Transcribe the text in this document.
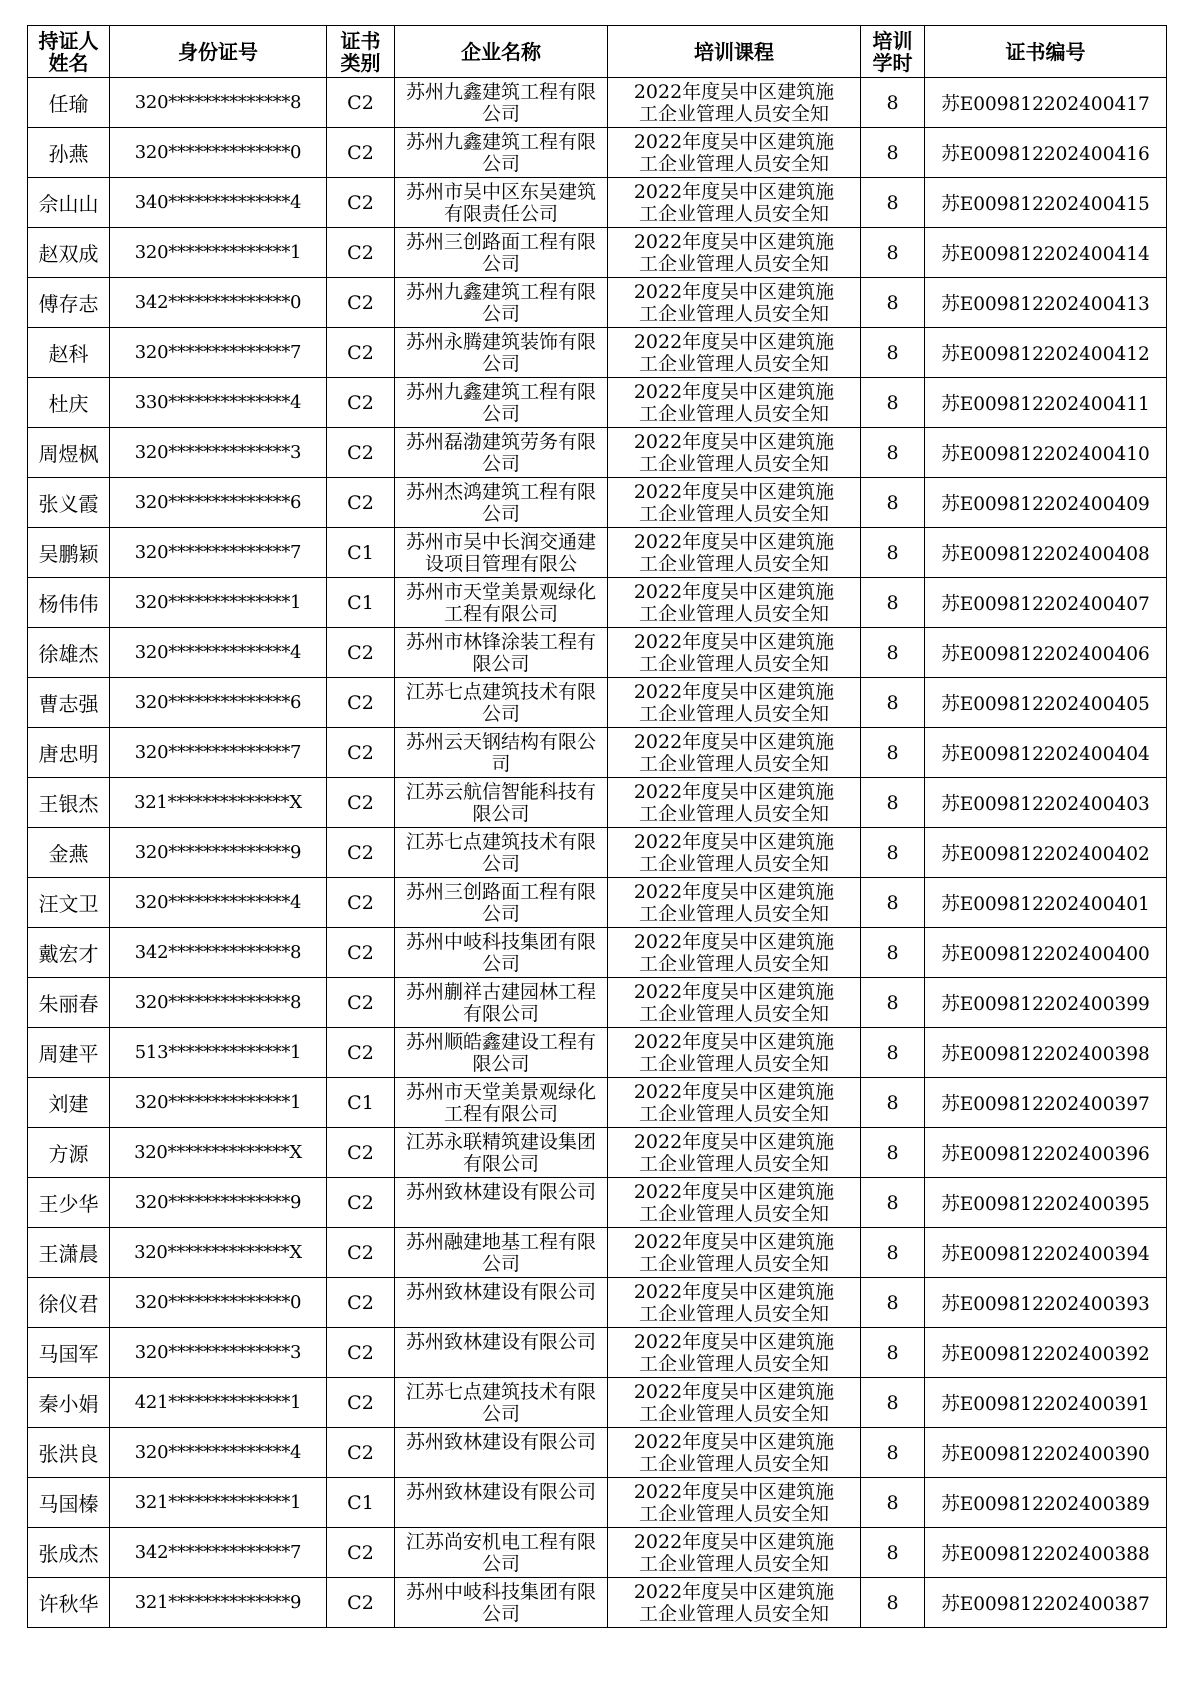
持证人姓名	身份证号	证书类别	企业名称	培训课程	培训学时	证书编号
任瑜	320**************8	C2	苏州九鑫建筑工程有限公司	2022年度吴中区建筑施工企业管理人员安全知	8	苏E009812202400417
孙燕	320**************0	C2	苏州九鑫建筑工程有限公司	2022年度吴中区建筑施工企业管理人员安全知	8	苏E009812202400416
佘山山	340**************4	C2	苏州市吴中区东吴建筑有限责任公司	2022年度吴中区建筑施工企业管理人员安全知	8	苏E009812202400415
赵双成	320**************1	C2	苏州三创路面工程有限公司	2022年度吴中区建筑施工企业管理人员安全知	8	苏E009812202400414
傅存志	342**************0	C2	苏州九鑫建筑工程有限公司	2022年度吴中区建筑施工企业管理人员安全知	8	苏E009812202400413
赵科	320**************7	C2	苏州永腾建筑装饰有限公司	2022年度吴中区建筑施工企业管理人员安全知	8	苏E009812202400412
杜庆	330**************4	C2	苏州九鑫建筑工程有限公司	2022年度吴中区建筑施工企业管理人员安全知	8	苏E009812202400411
周煜枫	320**************3	C2	苏州磊渤建筑劳务有限公司	2022年度吴中区建筑施工企业管理人员安全知	8	苏E009812202400410
张义霞	320**************6	C2	苏州杰鸿建筑工程有限公司	2022年度吴中区建筑施工企业管理人员安全知	8	苏E009812202400409
吴鹏颖	320**************7	C1	苏州市吴中长润交通建设项目管理有限公	2022年度吴中区建筑施工企业管理人员安全知	8	苏E009812202400408
杨伟伟	320**************1	C1	苏州市天堂美景观绿化工程有限公司	2022年度吴中区建筑施工企业管理人员安全知	8	苏E009812202400407
徐雄杰	320**************4	C2	苏州市林锋涂装工程有限公司	2022年度吴中区建筑施工企业管理人员安全知	8	苏E009812202400406
曹志强	320**************6	C2	江苏七点建筑技术有限公司	2022年度吴中区建筑施工企业管理人员安全知	8	苏E009812202400405
唐忠明	320**************7	C2	苏州云天钢结构有限公司	2022年度吴中区建筑施工企业管理人员安全知	8	苏E009812202400404
王银杰	321**************X	C2	江苏云航信智能科技有限公司	2022年度吴中区建筑施工企业管理人员安全知	8	苏E009812202400403
金燕	320**************9	C2	江苏七点建筑技术有限公司	2022年度吴中区建筑施工企业管理人员安全知	8	苏E009812202400402
汪文卫	320**************4	C2	苏州三创路面工程有限公司	2022年度吴中区建筑施工企业管理人员安全知	8	苏E009812202400401
戴宏才	342**************8	C2	苏州中岐科技集团有限公司	2022年度吴中区建筑施工企业管理人员安全知	8	苏E009812202400400
朱丽春	320**************8	C2	苏州蒯祥古建园林工程有限公司	2022年度吴中区建筑施工企业管理人员安全知	8	苏E009812202400399
周建平	513**************1	C2	苏州顺皓鑫建设工程有限公司	2022年度吴中区建筑施工企业管理人员安全知	8	苏E009812202400398
刘建	320**************1	C1	苏州市天堂美景观绿化工程有限公司	2022年度吴中区建筑施工企业管理人员安全知	8	苏E009812202400397
方源	320**************X	C2	江苏永联精筑建设集团有限公司	2022年度吴中区建筑施工企业管理人员安全知	8	苏E009812202400396
王少华	320**************9	C2	苏州致林建设有限公司	2022年度吴中区建筑施工企业管理人员安全知	8	苏E009812202400395
王潇晨	320**************X	C2	苏州融建地基工程有限公司	2022年度吴中区建筑施工企业管理人员安全知	8	苏E009812202400394
徐仪君	320**************0	C2	苏州致林建设有限公司	2022年度吴中区建筑施工企业管理人员安全知	8	苏E009812202400393
马国军	320**************3	C2	苏州致林建设有限公司	2022年度吴中区建筑施工企业管理人员安全知	8	苏E009812202400392
秦小娟	421**************1	C2	江苏七点建筑技术有限公司	2022年度吴中区建筑施工企业管理人员安全知	8	苏E009812202400391
张洪良	320**************4	C2	苏州致林建设有限公司	2022年度吴中区建筑施工企业管理人员安全知	8	苏E009812202400390
马国榛	321**************1	C1	苏州致林建设有限公司	2022年度吴中区建筑施工企业管理人员安全知	8	苏E009812202400389
张成杰	342**************7	C2	江苏尚安机电工程有限公司	2022年度吴中区建筑施工企业管理人员安全知	8	苏E009812202400388
许秋华	321**************9	C2	苏州中岐科技集团有限公司	2022年度吴中区建筑施工企业管理人员安全知	8	苏E009812202400387
